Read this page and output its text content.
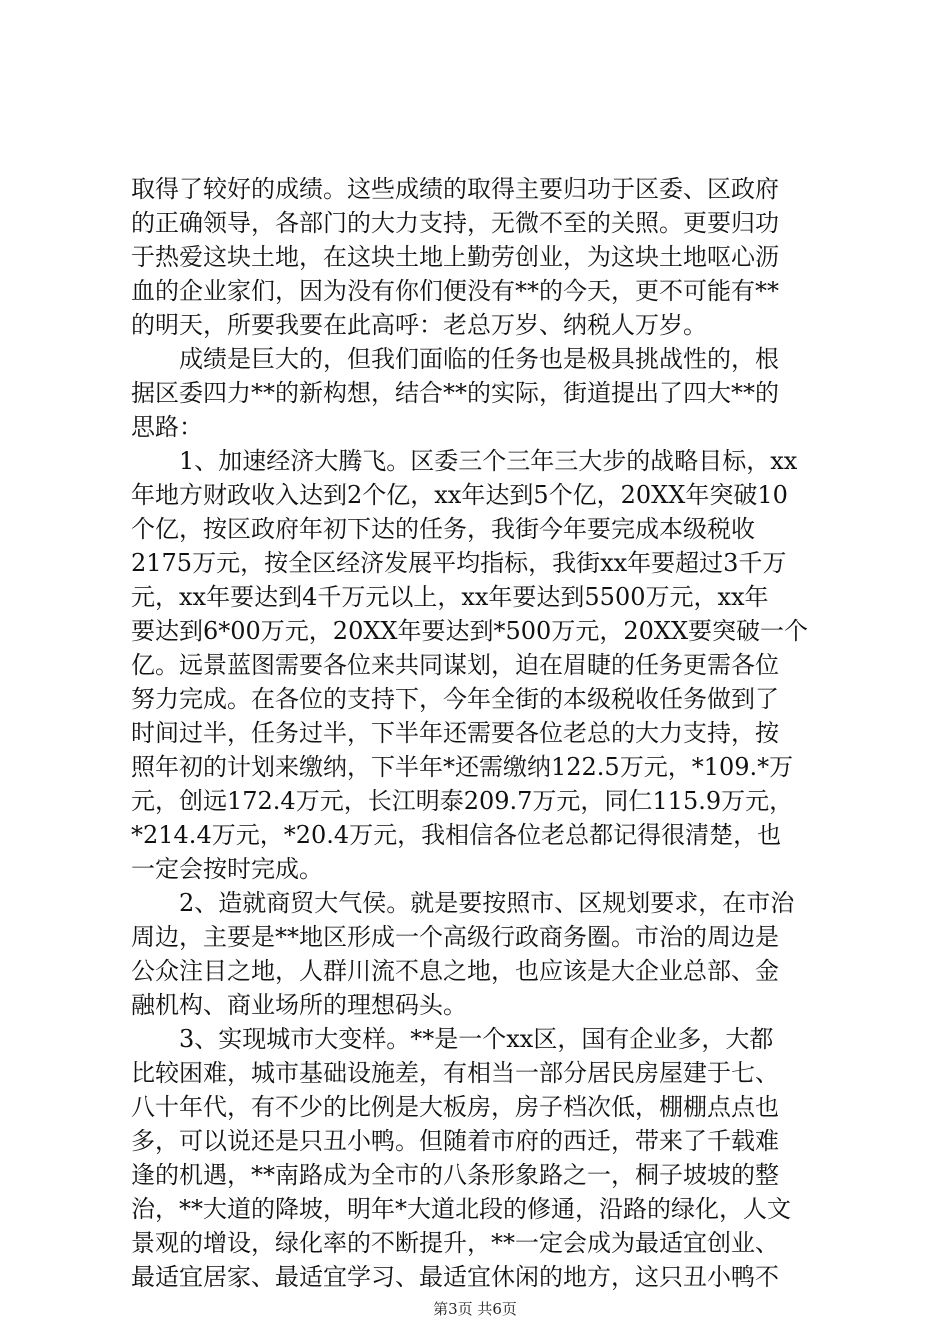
取得了较好的成绩。这些成绩的取得主要归功于区委、区政府
的正确领导，各部门的大力支持，无微不至的关照。更要归功
于热爱这块土地，在这块土地上勤劳创业，为这块土地呕心沥
血的企业家们，因为没有你们便没有**的今天，更不可能有**
的明天，所要我要在此高呼：老总万岁、纳税人万岁。
　　成绩是巨大的，但我们面临的任务也是极具挑战性的，根
据区委四力**的新构想，结合**的实际，街道提出了四大**的
思路：
　　1、加速经济大腾飞。区委三个三年三大步的战略目标，xx
年地方财政收入达到2个亿，xx年达到5个亿，20XX年突破10
个亿，按区政府年初下达的任务，我街今年要完成本级税收
2175万元，按全区经济发展平均指标，我街xx年要超过3千万
元，xx年要达到4千万元以上，xx年要达到5500万元，xx年
要达到6*00万元，20XX年要达到*500万元，20XX要突破一个
亿。远景蓝图需要各位来共同谋划，迫在眉睫的任务更需各位
努力完成。在各位的支持下，今年全街的本级税收任务做到了
时间过半，任务过半，下半年还需要各位老总的大力支持，按
照年初的计划来缴纳，下半年*还需缴纳122.5万元，*109.*万
元，创远172.4万元，长江明泰209.7万元，同仁115.9万元，
*214.4万元，*20.4万元，我相信各位老总都记得很清楚，也
一定会按时完成。
　　2、造就商贸大气侯。就是要按照市、区规划要求，在市治
周边，主要是**地区形成一个高级行政商务圈。市治的周边是
公众注目之地，人群川流不息之地，也应该是大企业总部、金
融机构、商业场所的理想码头。
　　3、实现城市大变样。**是一个xx区，国有企业多，大都
比较困难，城市基础设施差，有相当一部分居民房屋建于七、
八十年代，有不少的比例是大板房，房子档次低，棚棚点点也
多，可以说还是只丑小鸭。但随着市府的西迁，带来了千载难
逢的机遇，**南路成为全市的八条形象路之一，桐子坡坡的整
治，**大道的降坡，明年*大道北段的修通，沿路的绿化，人文
景观的增设，绿化率的不断提升，**一定会成为最适宜创业、
最适宜居家、最适宜学习、最适宜休闲的地方，这只丑小鸭不
第3页 共6页
